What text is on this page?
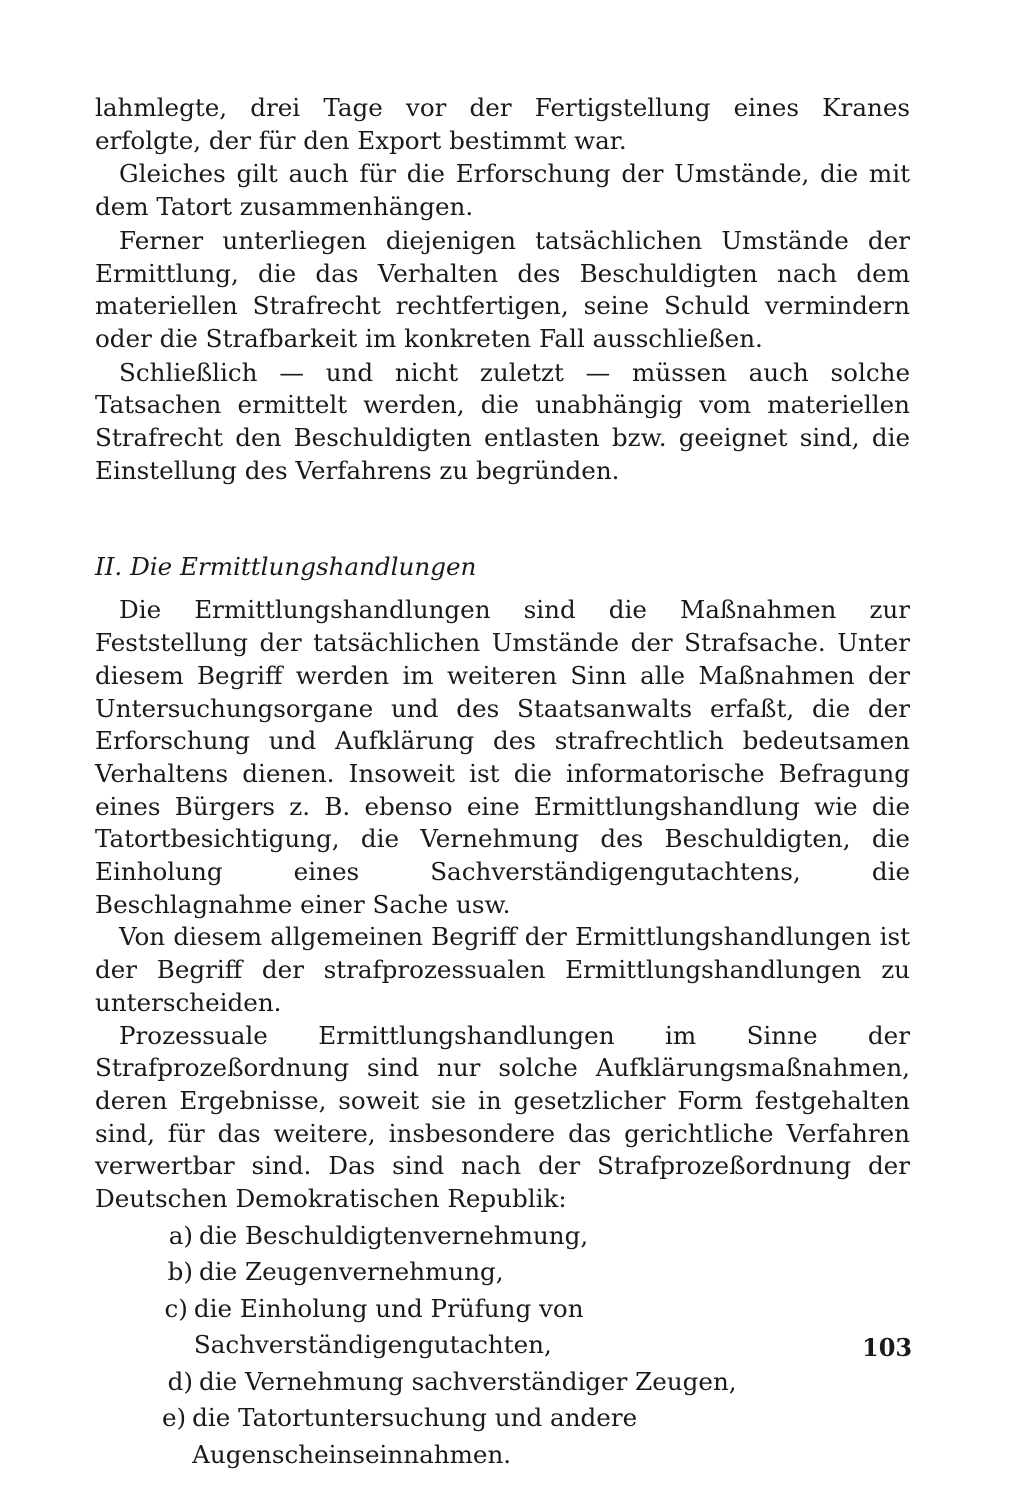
lahmlegte, drei Tage vor der Fertigstellung eines Kranes erfolgte, der für den Export bestimmt war.

Gleiches gilt auch für die Erforschung der Umstände, die mit dem Tatort zusammenhängen.

Ferner unterliegen diejenigen tatsächlichen Umstände der Ermittlung, die das Verhalten des Beschuldigten nach dem materiellen Strafrecht rechtfertigen, seine Schuld vermindern oder die Strafbarkeit im konkreten Fall ausschließen.

Schließlich — und nicht zuletzt — müssen auch solche Tatsachen ermittelt werden, die unabhängig vom materiellen Strafrecht den Beschuldigten entlasten bzw. geeignet sind, die Einstellung des Verfahrens zu begründen.

II. Die Ermittlungshandlungen

Die Ermittlungshandlungen sind die Maßnahmen zur Feststellung der tatsächlichen Umstände der Strafsache. Unter diesem Begriff werden im weiteren Sinn alle Maßnahmen der Untersuchungsorgane und des Staatsanwalts erfaßt, die der Erforschung und Aufklärung des strafrechtlich bedeutsamen Verhaltens dienen. Insoweit ist die informatorische Befragung eines Bürgers z. B. ebenso eine Ermittlungshandlung wie die Tatortbesichtigung, die Vernehmung des Beschuldigten, die Einholung eines Sachverständigengutachtens, die Beschlagnahme einer Sache usw.

Von diesem allgemeinen Begriff der Ermittlungshandlungen ist der Begriff der strafprozessualen Ermittlungshandlungen zu unterscheiden.

Prozessuale Ermittlungshandlungen im Sinne der Strafprozeßordnung sind nur solche Aufklärungsmaßnahmen, deren Ergebnisse, soweit sie in gesetzlicher Form festgehalten sind, für das weitere, insbesondere das gerichtliche Verfahren verwertbar sind. Das sind nach der Strafprozeßordnung der Deutschen Demokratischen Republik:

a) die Beschuldigtenvernehmung,
b) die Zeugenvernehmung,
c) die Einholung und Prüfung von Sachverständigengutachten,
d) die Vernehmung sachverständiger Zeugen,
e) die Tatortuntersuchung und andere Augenscheinseinnahmen.
103
